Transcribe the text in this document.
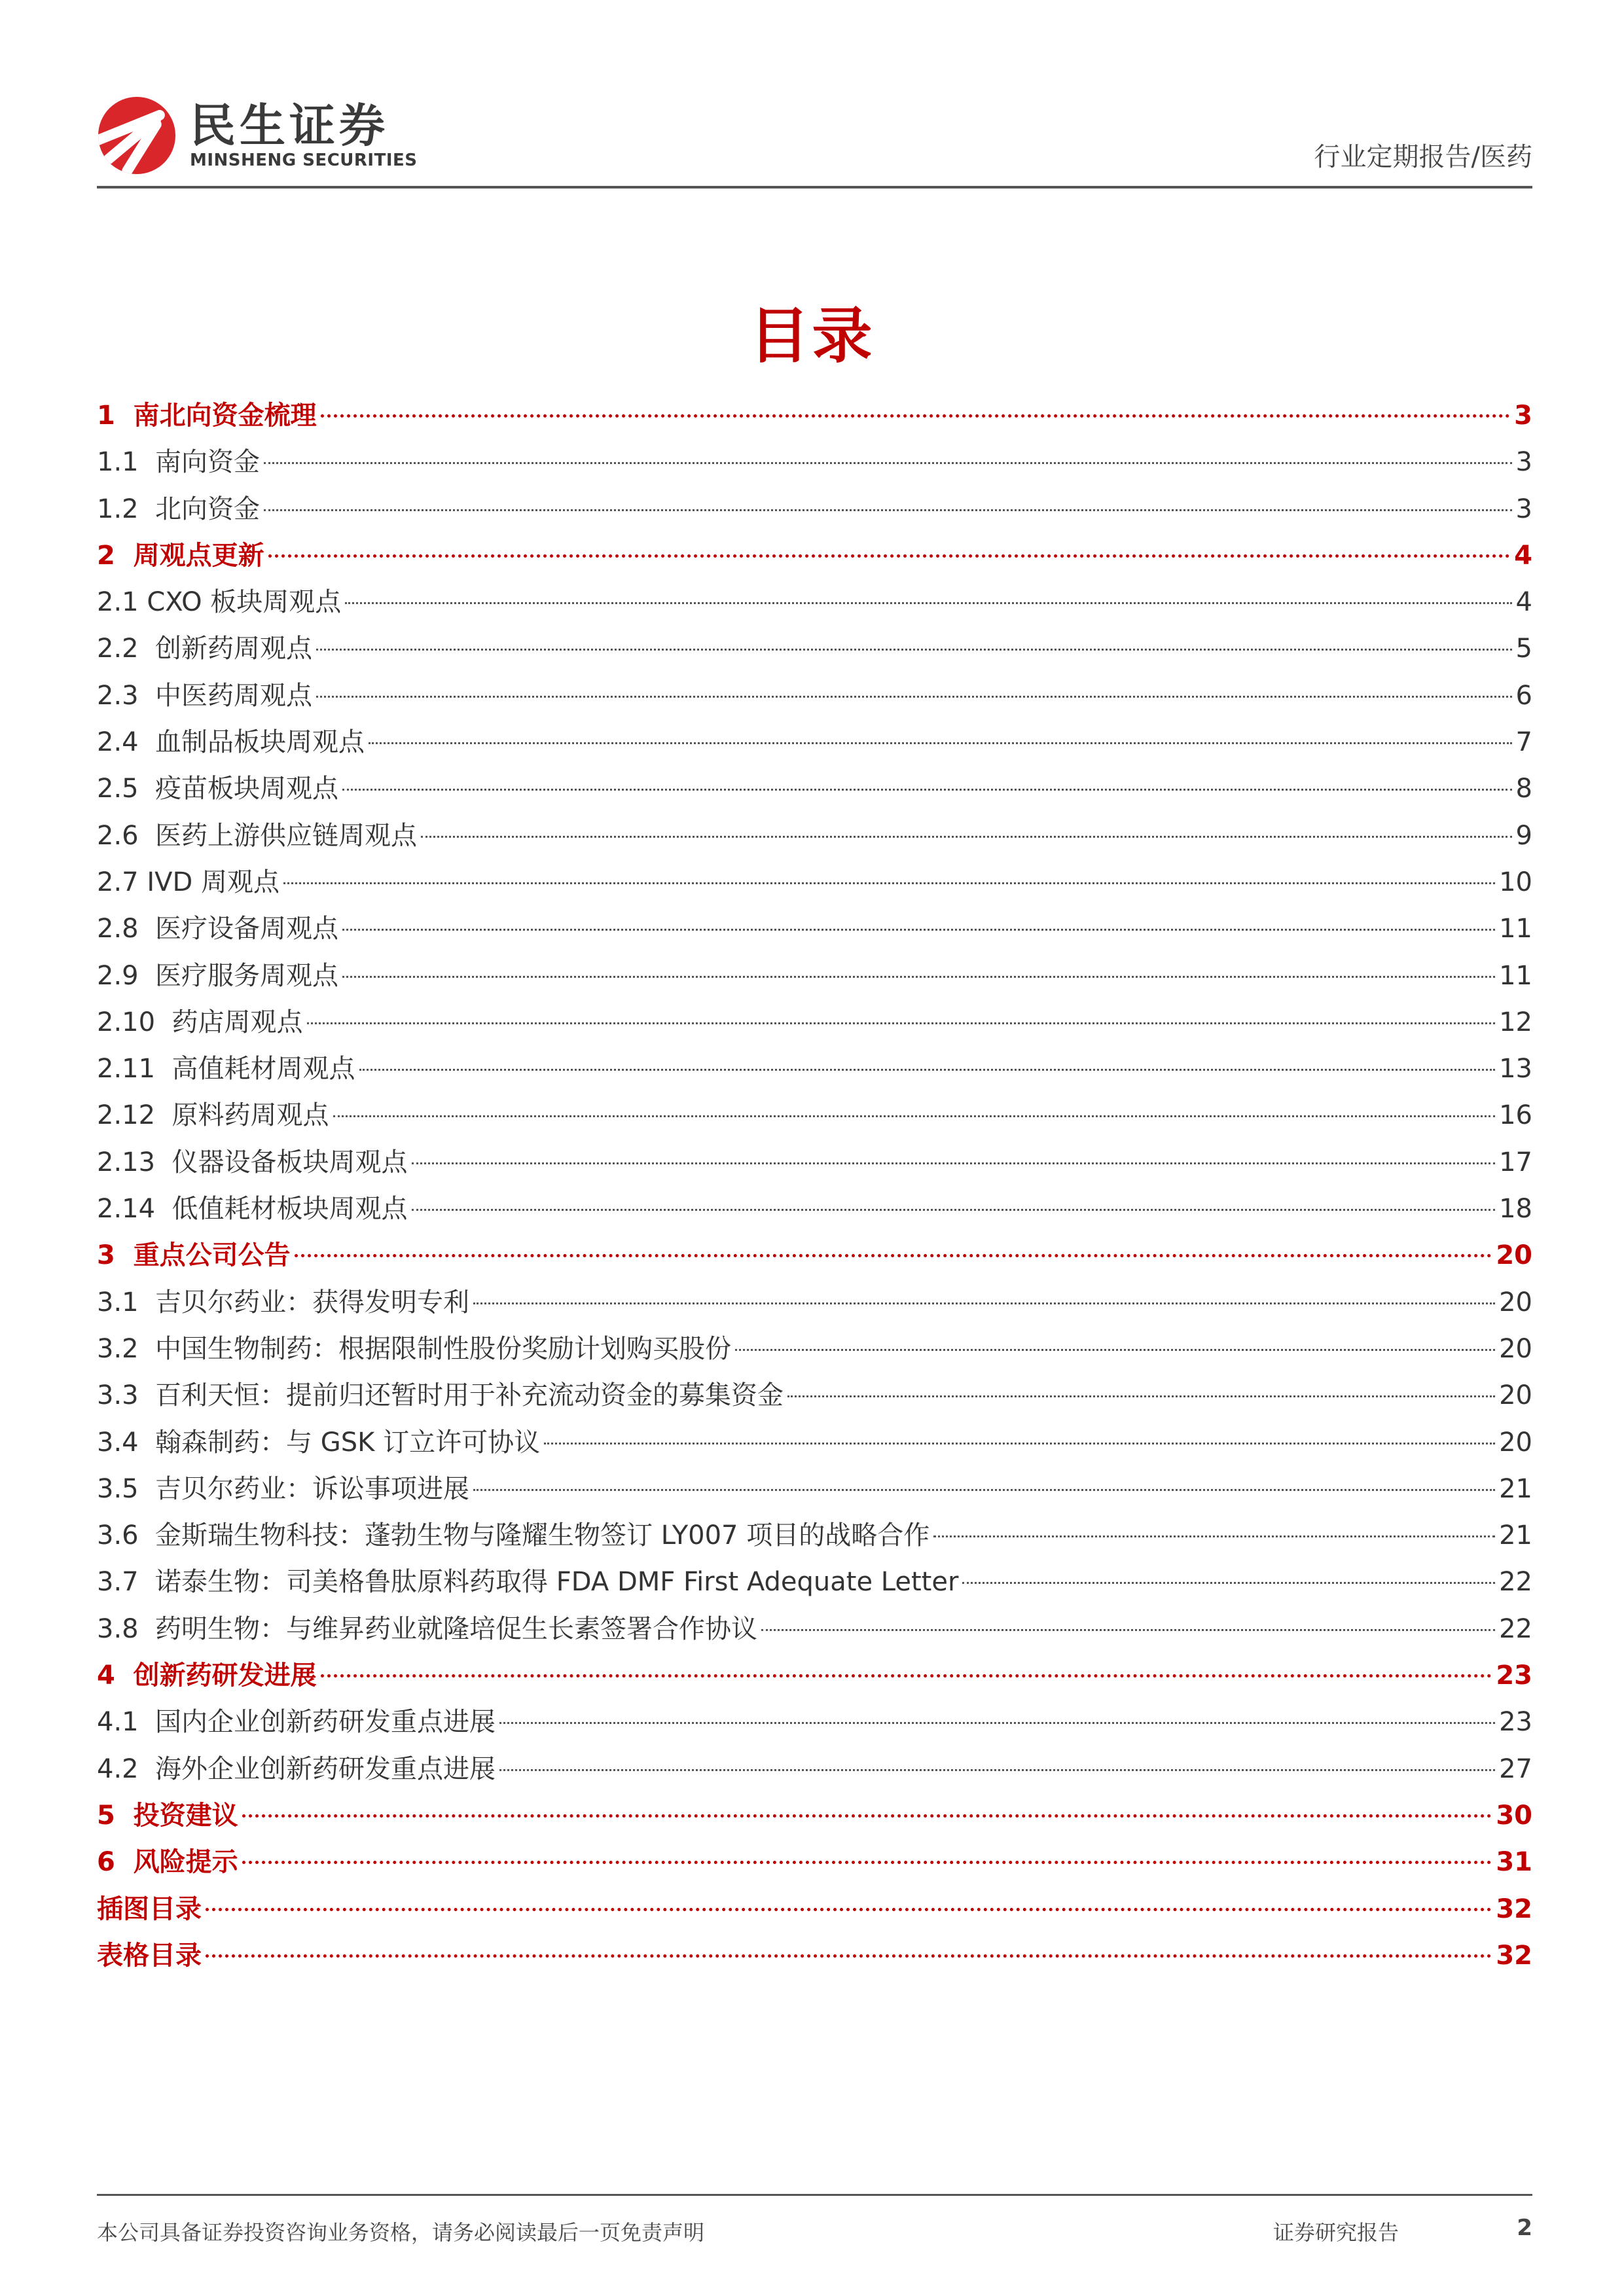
民生证券
MINSHENG SECURITIES	行业定期报告/医药
目录
1  南北向资金梳理	3
1.1  南向资金	3
1.2  北向资金	3
2  周观点更新	4
2.1 CXO 板块周观点	4
2.2  创新药周观点	5
2.3  中医药周观点	6
2.4  血制品板块周观点	7
2.5  疫苗板块周观点	8
2.6  医药上游供应链周观点	9
2.7 IVD 周观点	10
2.8  医疗设备周观点	11
2.9  医疗服务周观点	11
2.10  药店周观点	12
2.11  高值耗材周观点	13
2.12  原料药周观点	16
2.13  仪器设备板块周观点	17
2.14  低值耗材板块周观点	18
3  重点公司公告	20
3.1  吉贝尔药业：获得发明专利	20
3.2  中国生物制药：根据限制性股份奖励计划购买股份	20
3.3  百利天恒：提前归还暂时用于补充流动资金的募集资金	20
3.4  翰森制药：与 GSK 订立许可协议	20
3.5  吉贝尔药业：诉讼事项进展	21
3.6  金斯瑞生物科技：蓬勃生物与隆耀生物签订 LY007 项目的战略合作	21
3.7  诺泰生物：司美格鲁肽原料药取得 FDA DMF First Adequate Letter	22
3.8  药明生物：与维昇药业就隆培促生长素签署合作协议	22
4  创新药研发进展	23
4.1  国内企业创新药研发重点进展	23
4.2  海外企业创新药研发重点进展	27
5  投资建议	30
6  风险提示	31
插图目录	32
表格目录	32
本公司具备证券投资咨询业务资格，请务必阅读最后一页免责声明	证券研究报告	2
